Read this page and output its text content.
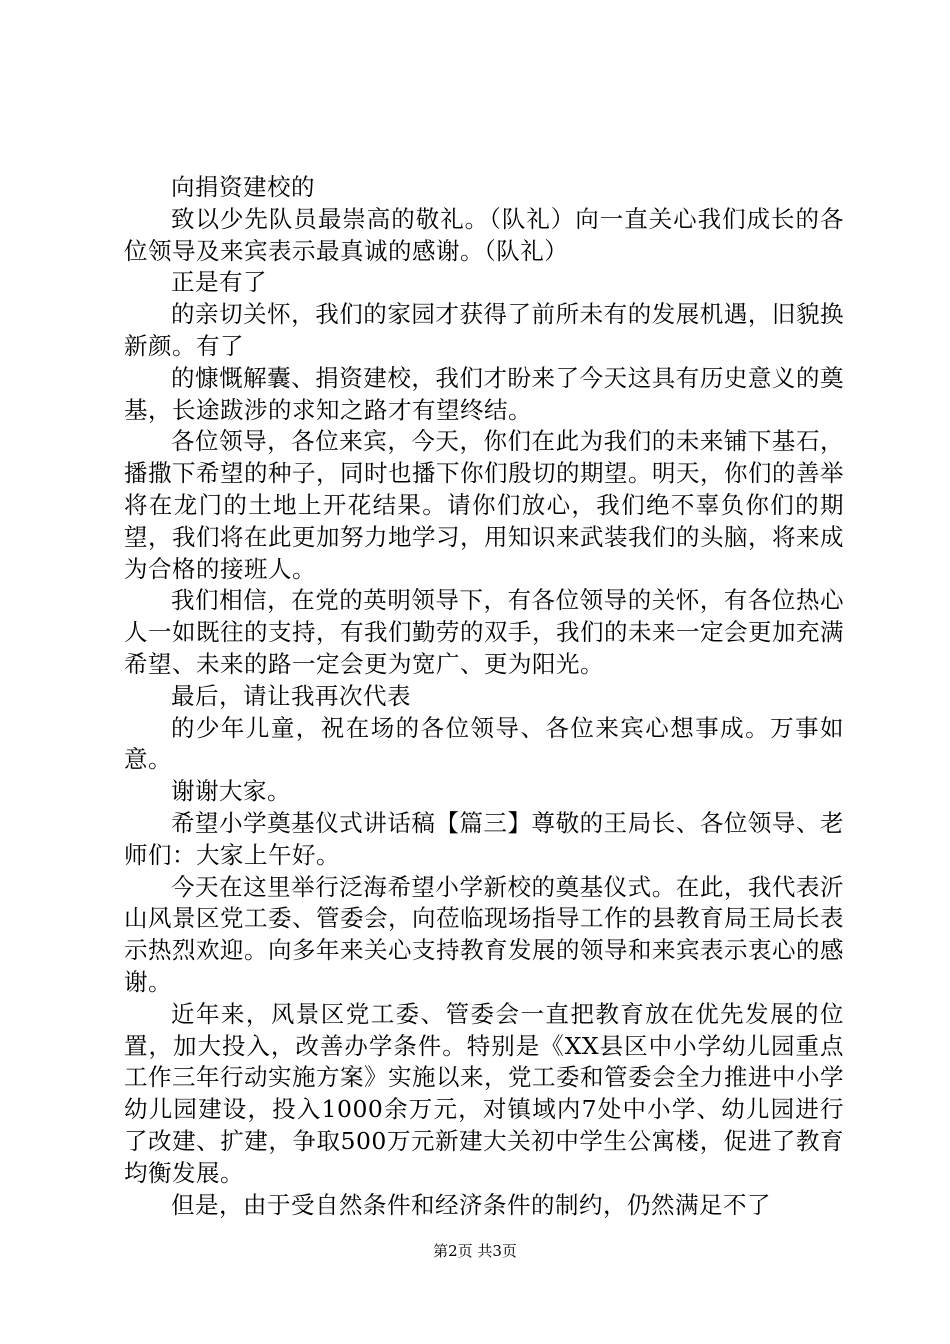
向捐资建校的

致以少先队员最崇高的敬礼。（队礼）向一直关心我们成长的各位领导及来宾表示最真诚的感谢。（队礼）

正是有了

的亲切关怀，我们的家园才获得了前所未有的发展机遇，旧貌换新颜。有了

的慷慨解囊、捐资建校，我们才盼来了今天这具有历史意义的奠基，长途跋涉的求知之路才有望终结。

各位领导，各位来宾，今天，你们在此为我们的未来铺下基石，播撒下希望的种子，同时也播下你们殷切的期望。明天，你们的善举将在龙门的土地上开花结果。请你们放心，我们绝不辜负你们的期望，我们将在此更加努力地学习，用知识来武装我们的头脑，将来成为合格的接班人。

我们相信，在党的英明领导下，有各位领导的关怀，有各位热心人一如既往的支持，有我们勤劳的双手，我们的未来一定会更加充满希望、未来的路一定会更为宽广、更为阳光。

最后，请让我再次代表

的少年儿童，祝在场的各位领导、各位来宾心想事成。万事如意。

谢谢大家。

希望小学奠基仪式讲话稿【篇三】尊敬的王局长、各位领导、老师们：大家上午好。

今天在这里举行泛海希望小学新校的奠基仪式。在此，我代表沂山风景区党工委、管委会，向莅临现场指导工作的县教育局王局长表示热烈欢迎。向多年来关心支持教育发展的领导和来宾表示衷心的感谢。

近年来，风景区党工委、管委会一直把教育放在优先发展的位置，加大投入，改善办学条件。特别是《XX县区中小学幼儿园重点工作三年行动实施方案》实施以来，党工委和管委会全力推进中小学幼儿园建设，投入1000余万元，对镇域内7处中小学、幼儿园进行了改建、扩建，争取500万元新建大关初中学生公寓楼，促进了教育均衡发展。

但是，由于受自然条件和经济条件的制约，仍然满足不了

第2页 共3页
